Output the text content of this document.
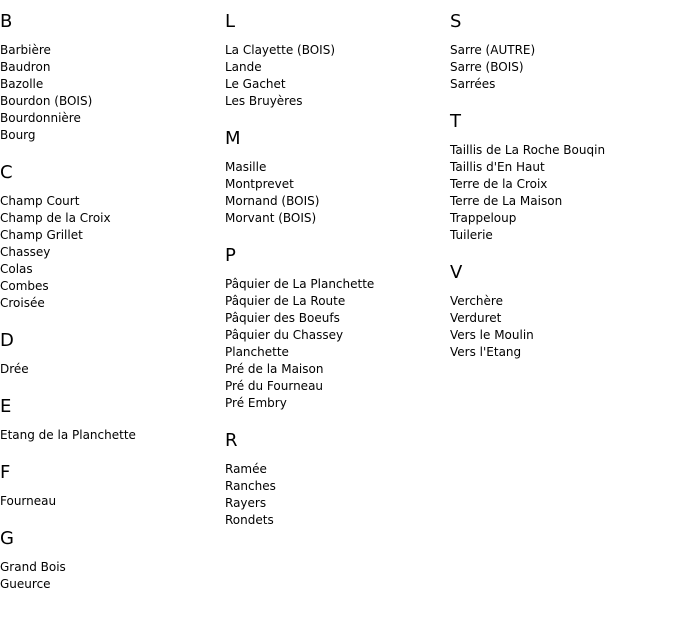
B
Barbière
Baudron
Bazolle
Bourdon (BOIS)
Bourdonnière
Bourg
C
Champ Court
Champ de la Croix
Champ Grillet
Chassey
Colas
Combes
Croisée
D
Drée
E
Etang de la Planchette
F
Fourneau
G
Grand Bois
Gueurce
L
La Clayette (BOIS)
Lande
Le Gachet
Les Bruyères
M
Masille
Montprevet
Mornand (BOIS)
Morvant (BOIS)
P
Pâquier de La Planchette
Pâquier de La Route
Pâquier des Boeufs
Pâquier du Chassey
Planchette
Pré de la Maison
Pré du Fourneau
Pré Embry
R
Ramée
Ranches
Rayers
Rondets
S
Sarre (AUTRE)
Sarre (BOIS)
Sarrées
T
Taillis de La Roche Bouqin
Taillis d'En Haut
Terre de la Croix
Terre de La Maison
Trappeloup
Tuilerie
V
Verchère
Verduret
Vers le Moulin
Vers l'Etang
